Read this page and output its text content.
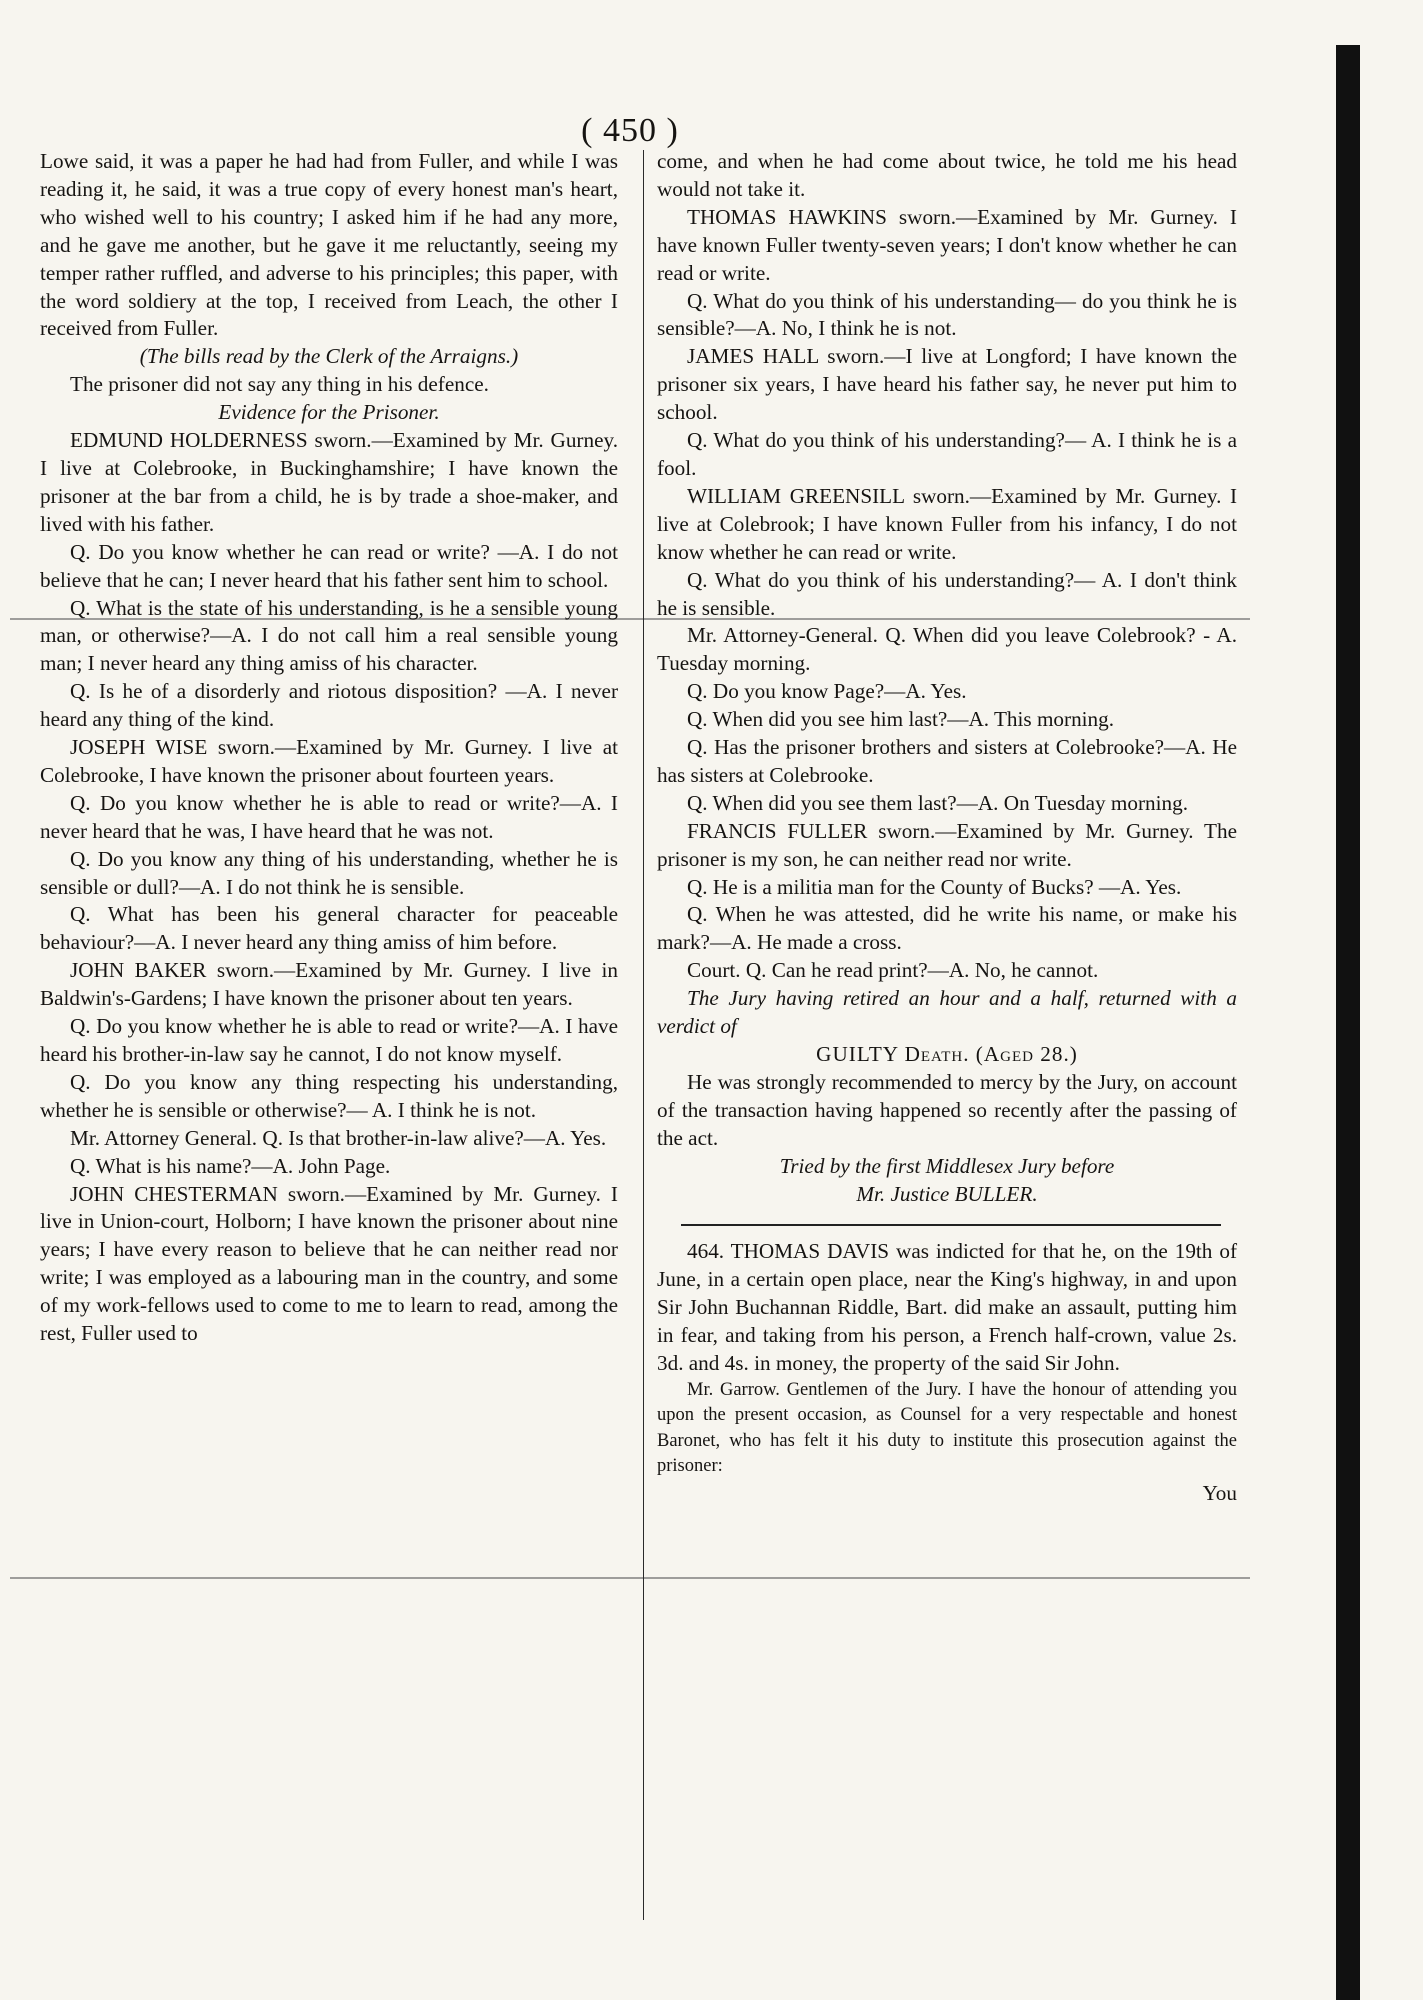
( 450 )

Lowe said, it was a paper he had had from Fuller, and while I was reading it, he said, it was a true copy of every honest man's heart, who wished well to his country; I asked him if he had any more, and he gave me another, but he gave it me reluctantly, seeing my temper rather ruffled, and adverse to his principles; this paper, with the word soldiery at the top, I received from Leach, the other I received from Fuller.

(The bills read by the Clerk of the Arraigns.)

The prisoner did not say any thing in his defence.

Evidence for the Prisoner.

EDMUND HOLDERNESS sworn.—Examined by Mr. Gurney. I live at Colebrooke, in Buckinghamshire; I have known the prisoner at the bar from a child, he is by trade a shoe-maker, and lived with his father.

Q. Do you know whether he can read or write? —A. I do not believe that he can; I never heard that his father sent him to school.

Q. What is the state of his understanding, is he a sensible young man, or otherwise?—A. I do not call him a real sensible young man; I never heard any thing amiss of his character.

Q. Is he of a disorderly and riotous disposition? —A. I never heard any thing of the kind.

JOSEPH WISE sworn.—Examined by Mr. Gurney. I live at Colebrooke, I have known the prisoner about fourteen years.

Q. Do you know whether he is able to read or write?—A. I never heard that he was, I have heard that he was not.

Q. Do you know any thing of his understanding, whether he is sensible or dull?—A. I do not think he is sensible.

Q. What has been his general character for peaceable behaviour?—A. I never heard any thing amiss of him before.

JOHN BAKER sworn.—Examined by Mr. Gurney. I live in Baldwin's-Gardens; I have known the prisoner about ten years.

Q. Do you know whether he is able to read or write?—A. I have heard his brother-in-law say he cannot, I do not know myself.

Q. Do you know any thing respecting his understanding, whether he is sensible or otherwise?— A. I think he is not.

Mr. Attorney General. Q. Is that brother-in-law alive?—A. Yes.

Q. What is his name?—A. John Page.

JOHN CHESTERMAN sworn.—Examined by Mr. Gurney. I live in Union-court, Holborn; I have known the prisoner about nine years; I have every reason to believe that he can neither read nor write; I was employed as a labouring man in the country, and some of my work-fellows used to come to me to learn to read, among the rest, Fuller used to

come, and when he had come about twice, he told me his head would not take it.

THOMAS HAWKINS sworn.—Examined by Mr. Gurney. I have known Fuller twenty-seven years; I don't know whether he can read or write.

Q. What do you think of his understanding— do you think he is sensible?—A. No, I think he is not.

JAMES HALL sworn.—I live at Longford; I have known the prisoner six years, I have heard his father say, he never put him to school.

Q. What do you think of his understanding?— A. I think he is a fool.

WILLIAM GREENSILL sworn.—Examined by Mr. Gurney. I live at Colebrook; I have known Fuller from his infancy, I do not know whether he can read or write.

Q. What do you think of his understanding?— A. I don't think he is sensible.

Mr. Attorney-General. Q. When did you leave Colebrook? - A. Tuesday morning.

Q. Do you know Page?—A. Yes.

Q. When did you see him last?—A. This morning.

Q. Has the prisoner brothers and sisters at Colebrooke?—A. He has sisters at Colebrooke.

Q. When did you see them last?—A. On Tuesday morning.

FRANCIS FULLER sworn.—Examined by Mr. Gurney. The prisoner is my son, he can neither read nor write.

Q. He is a militia man for the County of Bucks? —A. Yes.

Q. When he was attested, did he write his name, or make his mark?—A. He made a cross.

Court. Q. Can he read print?—A. No, he cannot.

The Jury having retired an hour and a half, returned with a verdict of

GUILTY Death. (Aged 28.)

He was strongly recommended to mercy by the Jury, on account of the transaction having happened so recently after the passing of the act.

Tried by the first Middlesex Jury before

Mr. Justice BULLER.

464. THOMAS DAVIS was indicted for that he, on the 19th of June, in a certain open place, near the King's highway, in and upon Sir John Buchannan Riddle, Bart. did make an assault, putting him in fear, and taking from his person, a French half-crown, value 2s. 3d. and 4s. in money, the property of the said Sir John.

Mr. Garrow. Gentlemen of the Jury. I have the honour of attending you upon the present occasion, as Counsel for a very respectable and honest Baronet, who has felt it his duty to institute this prosecution against the prisoner:

You
